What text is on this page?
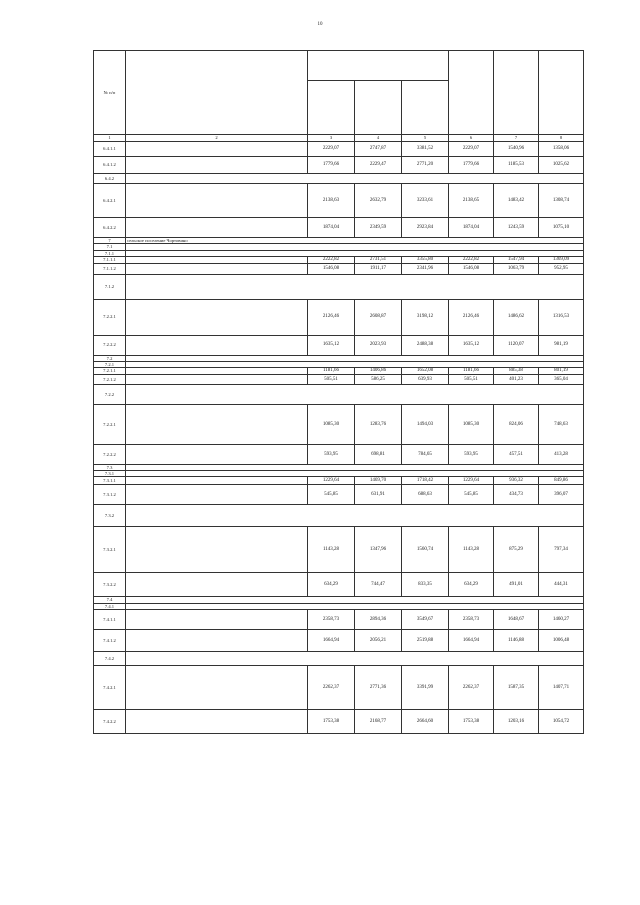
10
№ п/п							

1	2	3	4	5	6	7	8
6.4.1.1		2229,07	2747,87	3381,52	2229,07	1540,96	1358,06
6.4.1.2		1779,66	2229,47	2771,20	1779,66	1185,53	1025,62
6.4.2							
6.4.2.1		2138,63	2632,79	3233,61	2138,65	1483,42	1308,74
6.4.2.2		1874,04	2349,59	2923,84	1874,04	1243,59	1075,10
7	сельское поселение Чортовино						
7.1							
7.1.1							
7.1.1.1		2222,82	2731,51	3355,80	2222,82	1547,94	1369,09
7.1.1.2		1546,08	1911,17	2341,96	1546,08	1063,79	952,95
7.1.2							
7.2.2.1		2126,46	2608,87	3198,12	2126,46	1486,62	1316,53
7.2.2.2		1635,12	2023,93	2488,38	1635,12	1120,07	981,19
7.2							
7.2.1							
7.2.1.1		1181,66	1406,86	1652,08	1181,66	885,38	801,19
7.2.1.2		505,51	586,25	639,93	505,51	401,23	365,04
7.2.2							
7.2.2.1		1085,30	1283,76	1494,03	1085,30	824,06	748,63
7.2.2.2		593,95	698,81	784,65	593,95	457,51	413,28
7.3							
7.3.1							
7.3.1.1		1229,64	1469,70	1718,42	1229,64	936,32	849,86
7.3.1.2		545,85	631,91	688,63	545,85	434,73	396,07
7.3.2							
7.3.2.1		1143,28	1347,96	1560,74	1143,28	875,29	797,34
7.3.2.2		634,29	744,47	833,35	634,29	491,01	444,31
7.4							
7.4.1							
7.4.1.1		2358,73	2894,36	3549,67	2358,73	1648,67	1460,27
7.4.1.2		1664,94	2056,21	2519,88	1664,94	1146,88	1006,48
7.4.2							
7.4.2.1		2262,37	2771,36	3391,99	2262,37	1587,35	1407,71
7.4.2.2		1753,38	2168,77	2664,60	1753,38	1203,16	1054,72
